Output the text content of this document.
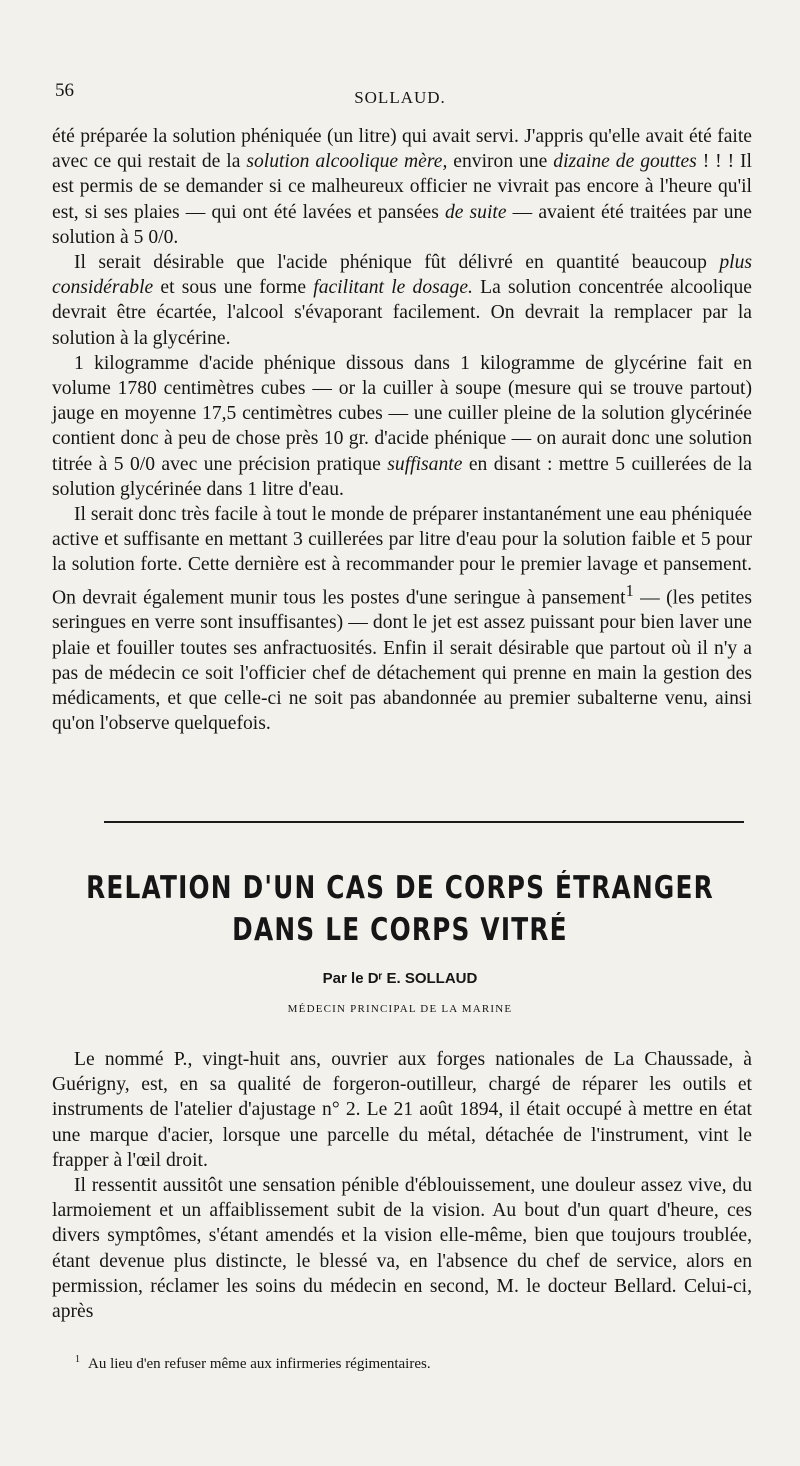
56	SOLLAUD.

été préparée la solution phéniquée (un litre) qui avait servi. J'appris qu'elle avait été faite avec ce qui restait de la solution alcoolique mère, environ une dizaine de gouttes ! ! ! Il est permis de se demander si ce malheureux officier ne vivrait pas encore à l'heure qu'il est, si ses plaies — qui ont été lavées et pansées de suite — avaient été traitées par une solution à 5 0/0.

Il serait désirable que l'acide phénique fût délivré en quantité beaucoup plus considérable et sous une forme facilitant le dosage. La solution concentrée alcoolique devrait être écartée, l'alcool s'évaporant facilement. On devrait la remplacer par la solution à la glycérine.

1 kilogramme d'acide phénique dissous dans 1 kilogramme de glycérine fait en volume 1780 centimètres cubes — or la cuiller à soupe (mesure qui se trouve partout) jauge en moyenne 17,5 centimètres cubes — une cuiller pleine de la solution glycérinée contient donc à peu de chose près 10 gr. d'acide phénique — on aurait donc une solution titrée à 5 0/0 avec une précision pratique suffisante en disant : mettre 5 cuillerées de la solution glycérinée dans 1 litre d'eau.

Il serait donc très facile à tout le monde de préparer instantanément une eau phéniquée active et suffisante en mettant 3 cuillerées par litre d'eau pour la solution faible et 5 pour la solution forte. Cette dernière est à recommander pour le premier lavage et pansement. On devrait également munir tous les postes d'une seringue à pansement$^1$ — (les petites seringues en verre sont insuffisantes) — dont le jet est assez puissant pour bien laver une plaie et fouiller toutes ses anfractuosités. Enfin il serait désirable que partout où il n'y a pas de médecin ce soit l'officier chef de détachement qui prenne en main la gestion des médicaments, et que celle-ci ne soit pas abandonnée au premier subalterne venu, ainsi qu'on l'observe quelquefois.

RELATION D'UN CAS DE CORPS ÉTRANGER
DANS LE CORPS VITRÉ
Par le Dʳ E. SOLLAUD
MÉDECIN PRINCIPAL DE LA MARINE

Le nommé P., vingt-huit ans, ouvrier aux forges nationales de La Chaussade, à Guérigny, est, en sa qualité de forgeron-outilleur, chargé de réparer les outils et instruments de l'atelier d'ajustage n° 2. Le 21 août 1894, il était occupé à mettre en état une marque d'acier, lorsque une parcelle du métal, détachée de l'instrument, vint le frapper à l'œil droit.

Il ressentit aussitôt une sensation pénible d'éblouissement, une douleur assez vive, du larmoiement et un affaiblissement subit de la vision. Au bout d'un quart d'heure, ces divers symptômes, s'étant amendés et la vision elle-même, bien que toujours troublée, étant devenue plus distincte, le blessé va, en l'absence du chef de service, alors en permission, réclamer les soins du médecin en second, M. le docteur Bellard. Celui-ci, après

$^1$ Au lieu d'en refuser même aux infirmeries régimentaires.
